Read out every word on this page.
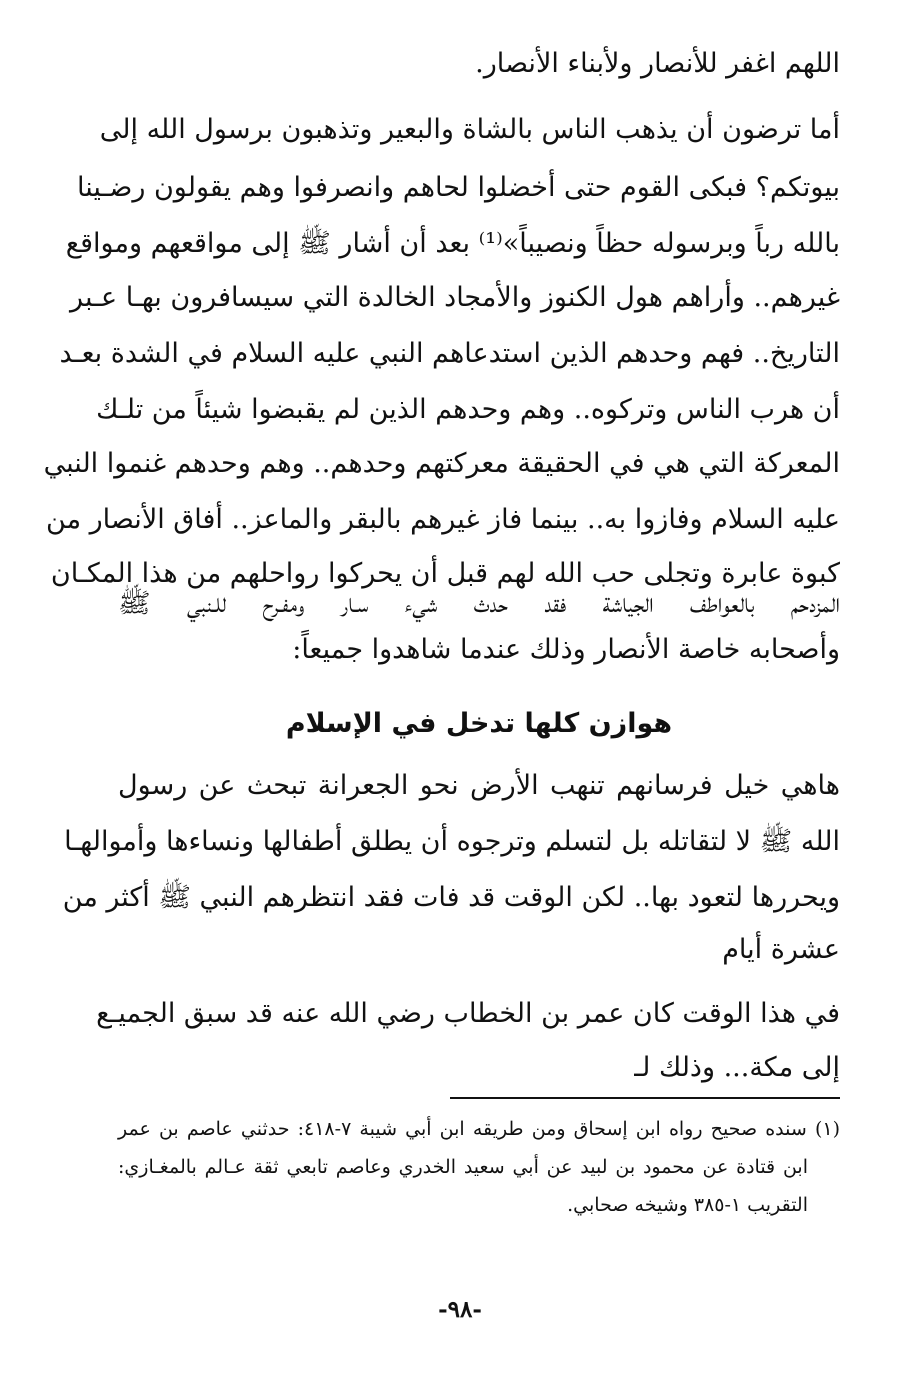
اللهم اغفر للأنصار ولأبناء الأنصار.
أما ترضون أن يذهب الناس بالشاة والبعير وتذهبون برسول الله إلى
بيوتكم؟ فبكى القوم حتى أخضلوا لحاهم وانصرفوا وهم يقولون رضـينا
بالله رباً وبرسوله حظاً ونصيباً»⁽¹⁾ بعد أن أشار ﷺ إلى مواقعهم ومواقع
غيرهم.. وأراهم هول الكنوز والأمجاد الخالدة التي سيسافرون بهـا عـبر
التاريخ.. فهم وحدهم الذين استدعاهم النبي عليه السلام في الشدة بعـد
أن هرب الناس وتركوه.. وهم وحدهم الذين لم يقبضوا شيئاً من تلـك
المعركة التي هي في الحقيقة معركتهم وحدهم.. وهم وحدهم غنموا النبي
عليه السلام وفازوا به.. بينما فاز غيرهم بالبقر والماعز.. أفاق الأنصار من
كبوة عابرة وتجلى حب الله لهم قبل أن يحركوا رواحلهم من هذا المكـان
المزدحم بالعواطف الجياشة فقد حدث شيء سـار ومفـرح للـنبي ﷺ
وأصحابه خاصة الأنصار وذلك عندما شاهدوا جميعاً:
هوازن كلها تدخل في الإسلام
هاهي خيل فرسانهم تنهب الأرض نحو الجعرانة تبحث عن رسول
الله ﷺ لا لتقاتله بل لتسلم وترجوه أن يطلق أطفالها ونساءها وأموالهـا
ويحررها لتعود بها.. لكن الوقت قد فات فقد انتظرهم النبي ﷺ أكثر من
عشرة أيام
في هذا الوقت كان عمر بن الخطاب رضي الله عنه قد سبق الجميـع
إلى مكة... وذلك لـ
(١) سنده صحيح رواه ابن إسحاق ومن طريقه ابن أبي شيبة ٧-٤١٨: حدثني عاصم بن عمر
ابن قتادة عن محمود بن لبيد عن أبي سعيد الخدري وعاصم تابعي ثقة عـالم بالمغـازي:
التقريب ١-٣٨٥ وشيخه صحابي.
-٩٨-
